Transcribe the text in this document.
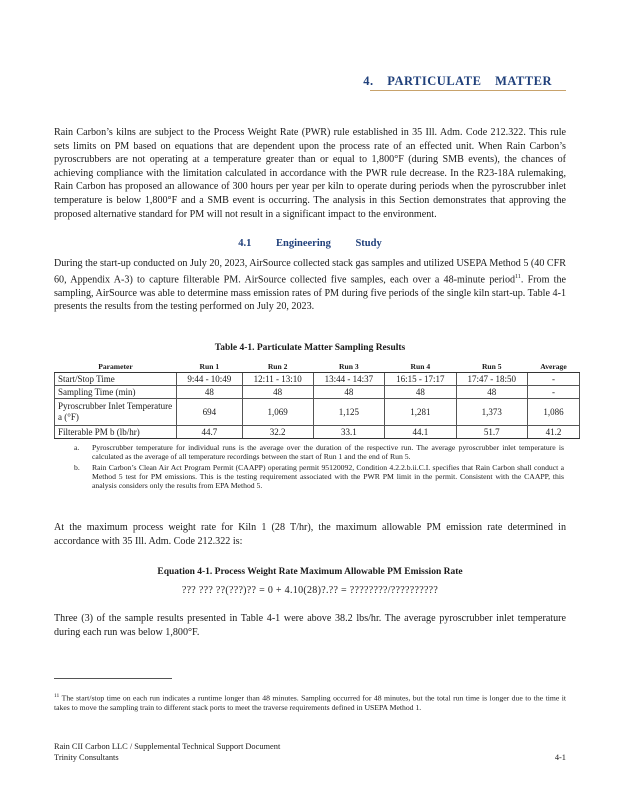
4. PARTICULATE MATTER
Rain Carbon’s kilns are subject to the Process Weight Rate (PWR) rule established in 35 Ill. Adm. Code 212.322. This rule sets limits on PM based on equations that are dependent upon the process rate of an effected unit. When Rain Carbon’s pyroscrubbers are not operating at a temperature greater than or equal to 1,800°F (during SMB events), the chances of achieving compliance with the limitation calculated in accordance with the PWR rule decrease. In the R23-18A rulemaking, Rain Carbon has proposed an allowance of 300 hours per year per kiln to operate during periods when the pyroscrubber inlet temperature is below 1,800°F and a SMB event is occurring. The analysis in this Section demonstrates that approving the proposed alternative standard for PM will not result in a significant impact to the environment.
4.1 Engineering Study
During the start-up conducted on July 20, 2023, AirSource collected stack gas samples and utilized USEPA Method 5 (40 CFR 60, Appendix A-3) to capture filterable PM. AirSource collected five samples, each over a 48-minute period$^{11}$. From the sampling, AirSource was able to determine mass emission rates of PM during five periods of the single kiln start-up. Table 4-1 presents the results from the testing performed on July 20, 2023.
Table 4-1. Particulate Matter Sampling Results
Parameter	Run 1	Run 2	Run 3	Run 4	Run 5	Average
Start/Stop Time	9:44 - 10:49	12:11 - 13:10	13:44 - 14:37	16:15 - 17:17	17:47 - 18:50	-
Sampling Time (min)	48	48	48	48	48	-
Pyroscrubber Inlet Temperature a (°F)	694	1,069	1,125	1,281	1,373	1,086
Filterable PM b (lb/hr)	44.7	32.2	33.1	44.1	51.7	41.2
a.	Pyroscrubber temperature for individual runs is the average over the duration of the respective run. The average pyroscrubber inlet temperature is calculated as the average of all temperature recordings between the start of Run 1 and the end of Run 5.
b.	Rain Carbon’s Clean Air Act Program Permit (CAAPP) operating permit 95120092, Condition 4.2.2.b.ii.C.I. specifies that Rain Carbon shall conduct a Method 5 test for PM emissions. This is the testing requirement associated with the PWR PM limit in the permit. Consistent with the CAAPP, this analysis considers only the results from EPA Method 5.
At the maximum process weight rate for Kiln 1 (28 T/hr), the maximum allowable PM emission rate determined in accordance with 35 Ill. Adm. Code 212.322 is:
Equation 4-1. Process Weight Rate Maximum Allowable PM Emission Rate
??? ??? ??(???)?? = 0 + 4.10(28)?.?? = ????????/??????????
Three (3) of the sample results presented in Table 4-1 were above 38.2 lbs/hr. The average pyroscrubber inlet temperature during each run was below 1,800°F.
$^{11}$ The start/stop time on each run indicates a runtime longer than 48 minutes. Sampling occurred for 48 minutes, but the total run time is longer due to the time it takes to move the sampling train to different stack ports to meet the traverse requirements defined in USEPA Method 1.
Rain CII Carbon LLC / Supplemental Technical Support Document
Trinity Consultants	4-1
